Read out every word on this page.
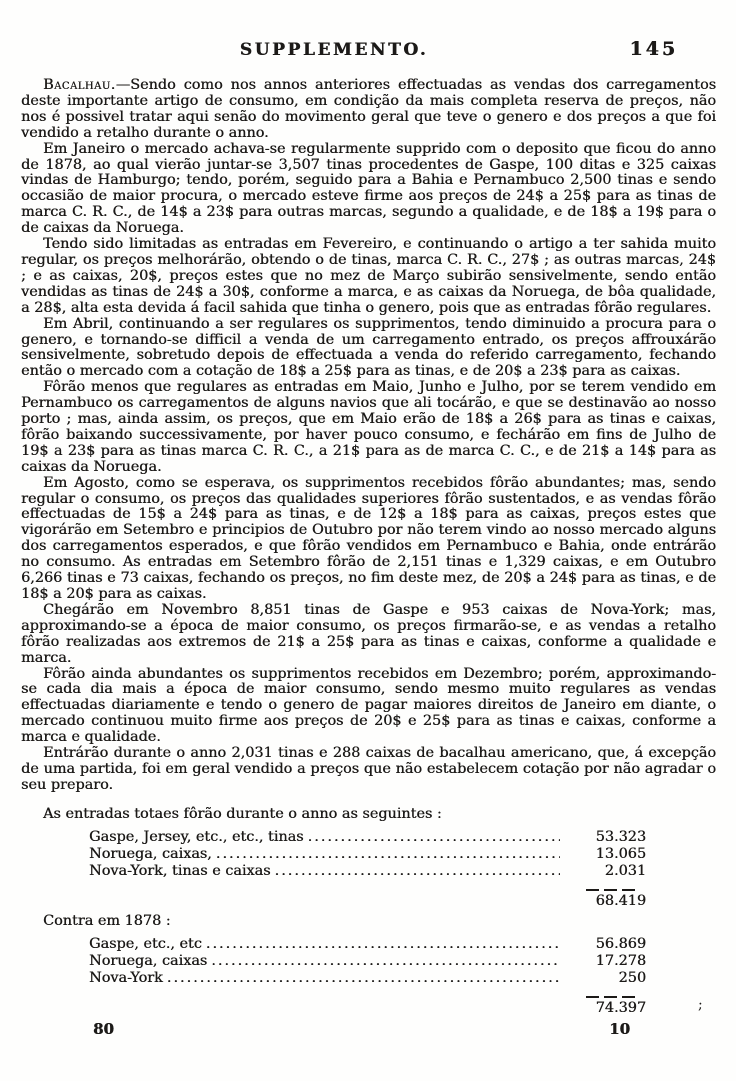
SUPPLEMENTO.	145

Bacalhau.—Sendo como nos annos anteriores effectuadas as vendas dos carregamentos deste importante artigo de consumo, em condição da mais completa reserva de preços, não nos é possivel tratar aqui senão do movimento geral que teve o genero e dos preços a que foi vendido a retalho durante o anno.

Em Janeiro o mercado achava-se regularmente supprido com o deposito que ficou do anno de 1878, ao qual vierão juntar-se 3,507 tinas procedentes de Gaspe, 100 ditas e 325 caixas vindas de Hamburgo; tendo, porém, seguido para a Bahia e Pernambuco 2,500 tinas e sendo occasião de maior procura, o mercado esteve firme aos preços de 24$ a 25$ para as tinas de marca C. R. C., de 14$ a 23$ para outras marcas, segundo a qualidade, e de 18$ a 19$ para o de caixas da Noruega.

Tendo sido limitadas as entradas em Fevereiro, e continuando o artigo a ter sahida muito regular, os preços melhorárão, obtendo o de tinas, marca C. R. C., 27$ ; as outras marcas, 24$ ; e as caixas, 20$, preços estes que no mez de Março subirão sensivelmente, sendo então vendidas as tinas de 24$ a 30$, conforme a marca, e as caixas da Noruega, de bôa qualidade, a 28$, alta esta devida á facil sahida que tinha o genero, pois que as entradas fôrão regulares.

Em Abril, continuando a ser regulares os supprimentos, tendo diminuido a procura para o genero, e tornando-se difficil a venda de um carregamento entrado, os preços affrouxárão sensivelmente, sobretudo depois de effectuada a venda do referido carregamento, fechando então o mercado com a cotação de 18$ a 25$ para as tinas, e de 20$ a 23$ para as caixas.

Fôrão menos que regulares as entradas em Maio, Junho e Julho, por se terem vendido em Pernambuco os carregamentos de alguns navios que ali tocárão, e que se destinavão ao nosso porto ; mas, ainda assim, os preços, que em Maio erão de 18$ a 26$ para as tinas e caixas, fôrão baixando successivamente, por haver pouco consumo, e fechárão em fins de Julho de 19$ a 23$ para as tinas marca C. R. C., a 21$ para as de marca C. C., e de 21$ a 14$ para as caixas da Noruega.

Em Agosto, como se esperava, os supprimentos recebidos fôrão abundantes; mas, sendo regular o consumo, os preços das qualidades superiores fôrão sustentados, e as vendas fôrão effectuadas de 15$ a 24$ para as tinas, e de 12$ a 18$ para as caixas, preços estes que vigorárão em Setembro e principios de Outubro por não terem vindo ao nosso mercado alguns dos carregamentos esperados, e que fôrão vendidos em Pernambuco e Bahia, onde entrárão no consumo. As entradas em Setembro fôrão de 2,151 tinas e 1,329 caixas, e em Outubro 6,266 tinas e 73 caixas, fechando os preços, no fim deste mez, de 20$ a 24$ para as tinas, e de 18$ a 20$ para as caixas.

Chegárão em Novembro 8,851 tinas de Gaspe e 953 caixas de Nova-York; mas, approximando-se a época de maior consumo, os preços firmarão-se, e as vendas a retalho fôrão realizadas aos extremos de 21$ a 25$ para as tinas e caixas, conforme a qualidade e marca.

Fôrão ainda abundantes os supprimentos recebidos em Dezembro; porém, approximando-se cada dia mais a época de maior consumo, sendo mesmo muito regulares as vendas effectuadas diariamente e tendo o genero de pagar maiores direitos de Janeiro em diante, o mercado continuou muito firme aos preços de 20$ e 25$ para as tinas e caixas, conforme a marca e qualidade.

Entrárão durante o anno 2,031 tinas e 288 caixas de bacalhau americano, que, á excepção de uma partida, foi em geral vendido a preços que não estabelecem cotação por não agradar o seu preparo.

As entradas totaes fôrão durante o anno as seguintes :

Gaspe, Jersey, etc., etc., tinas .....	53.323
Noruega, caixas, .....	13.065
Nova-York, tinas e caixas .....	2.031
68.419

Contra em 1878 :

Gaspe, etc., etc .....	56.869
Noruega, caixas .....	17.278
Nova-York .....	250
74.397	;
80	10
